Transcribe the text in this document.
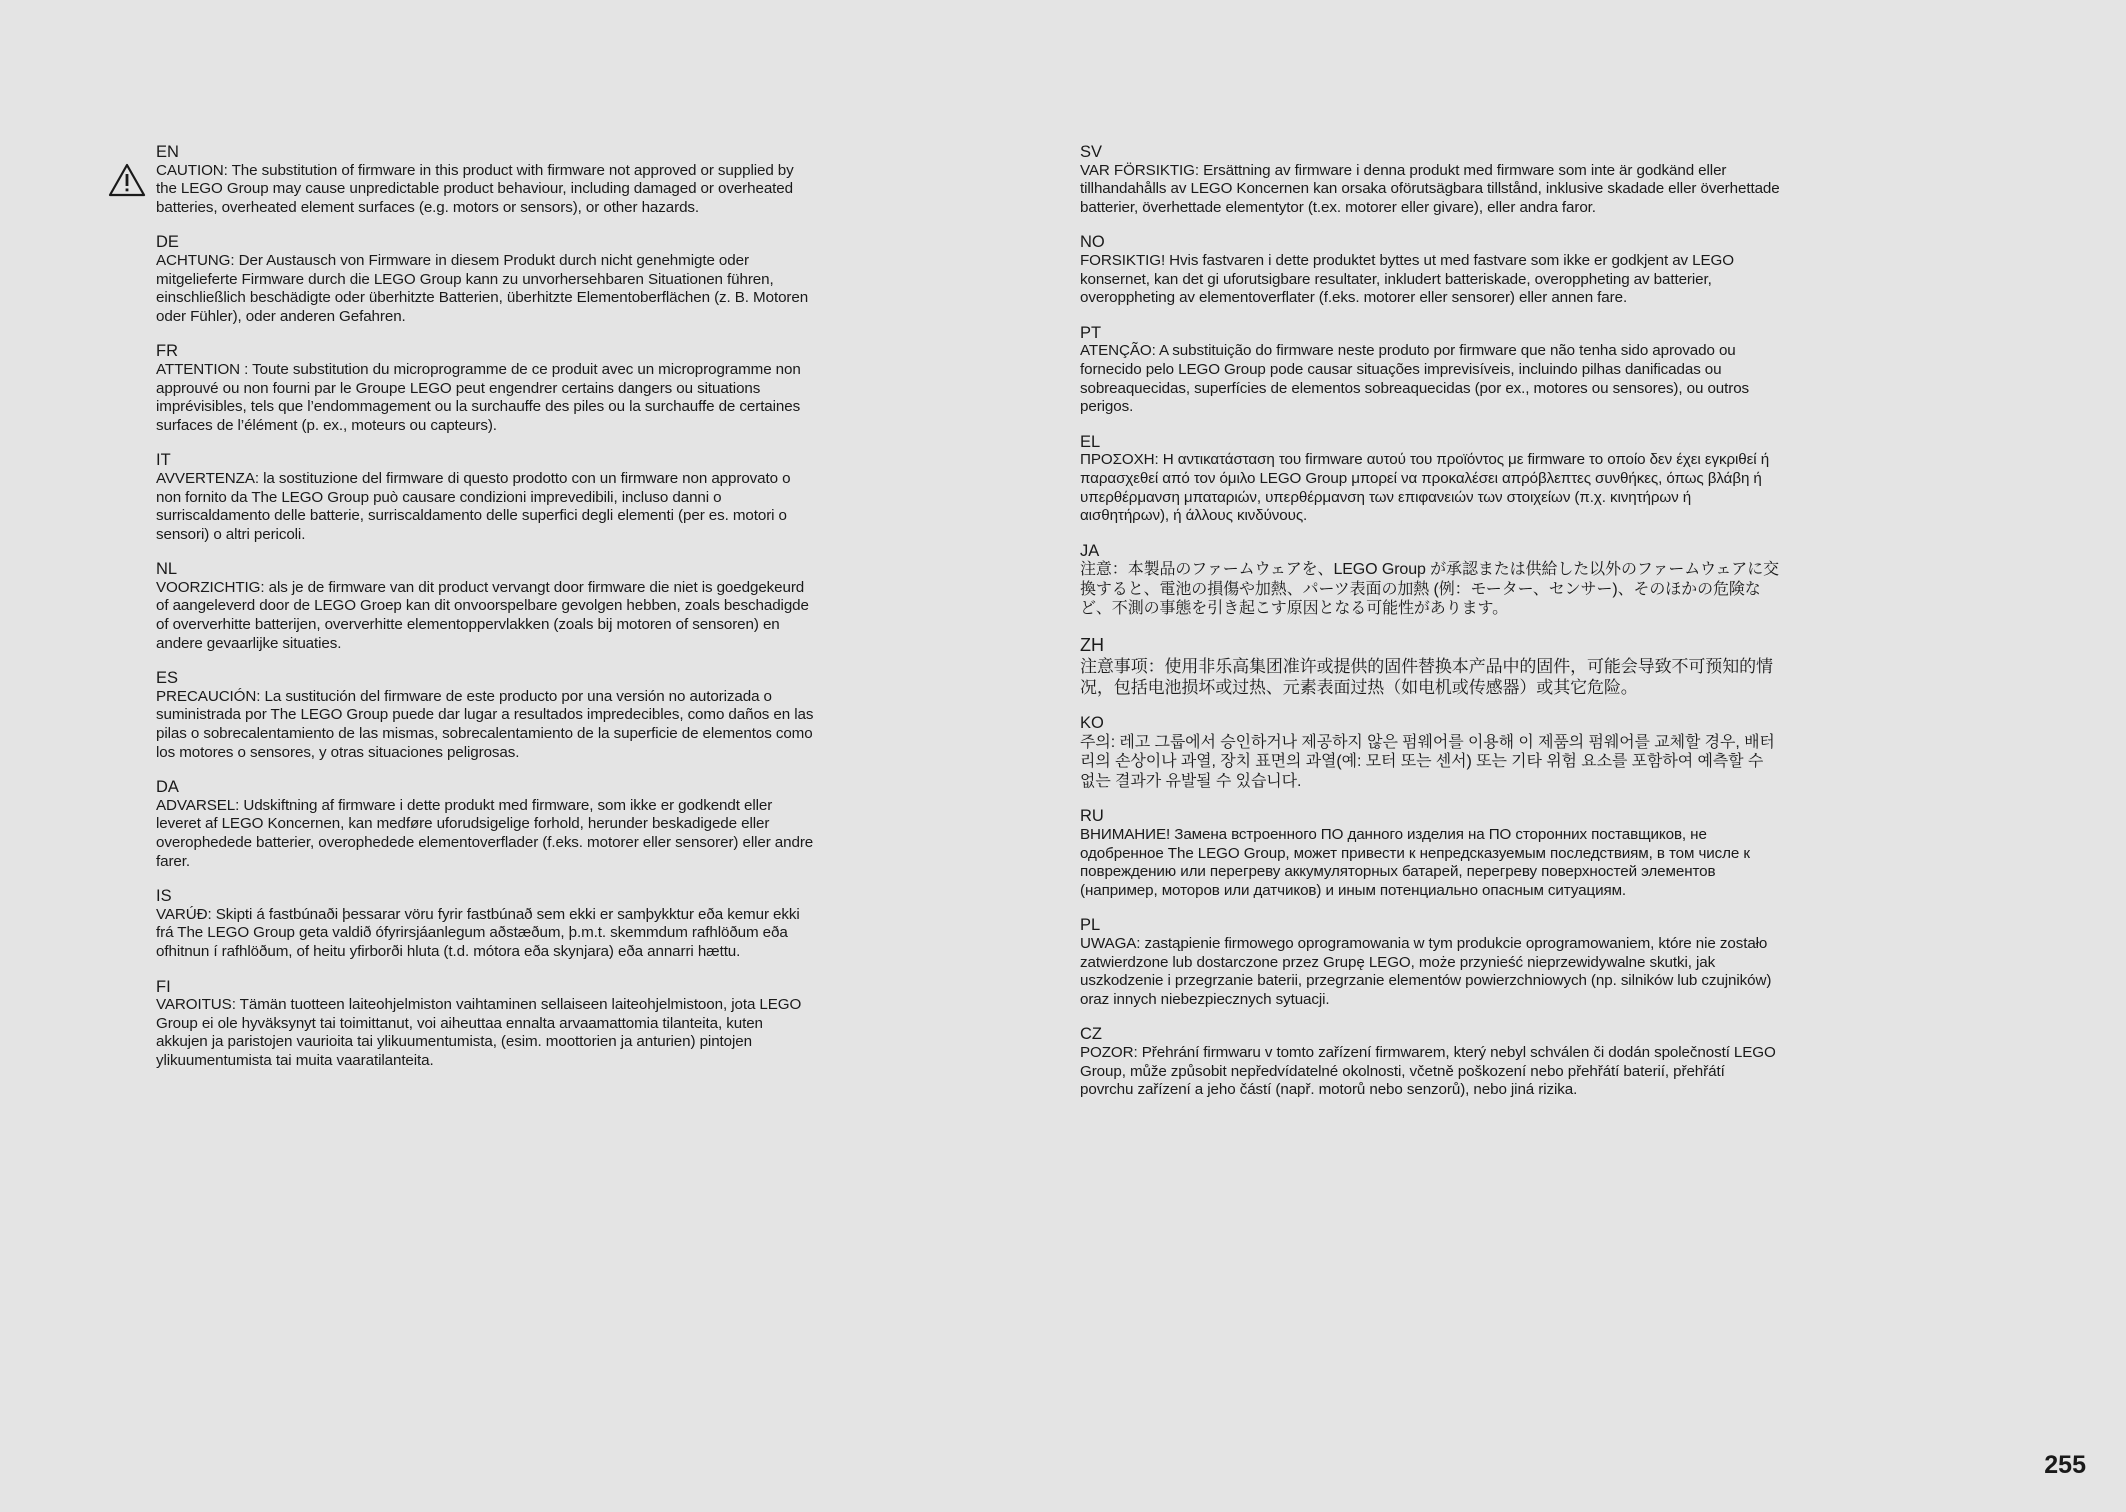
EN

CAUTION: The substitution of firmware in this product with firmware not approved or supplied by the LEGO Group may cause unpredictable product behaviour, including damaged or overheated batteries, overheated element surfaces (e.g. motors or sensors), or other hazards.

DE

ACHTUNG: Der Austausch von Firmware in diesem Produkt durch nicht genehmigte oder mitgelieferte Firmware durch die LEGO Group kann zu unvorhersehbaren Situationen führen, einschließlich beschädigte oder überhitzte Batterien, überhitzte Elementoberflächen (z. B. Motoren oder Fühler), oder anderen Gefahren.

FR

ATTENTION : Toute substitution du microprogramme de ce produit avec un microprogramme non approuvé ou non fourni par le Groupe LEGO peut engendrer certains dangers ou situations imprévisibles, tels que l’endommagement ou la surchauffe des piles ou la surchauffe de certaines surfaces de l’élément (p. ex., moteurs ou capteurs).

IT

AVVERTENZA: la sostituzione del firmware di questo prodotto con un firmware non approvato o non fornito da The LEGO Group può causare condizioni imprevedibili, incluso danni o surriscaldamento delle batterie, surriscaldamento delle superfici degli elementi (per es. motori o sensori) o altri pericoli.

NL

VOORZICHTIG: als je de firmware van dit product vervangt door firmware die niet is goedgekeurd of aangeleverd door de LEGO Groep kan dit onvoorspelbare gevolgen hebben, zoals beschadigde of oververhitte batterijen, oververhitte elementoppervlakken (zoals bij motoren of sensoren) en andere gevaarlijke situaties.

ES

PRECAUCIÓN: La sustitución del firmware de este producto por una versión no autorizada o suministrada por The LEGO Group puede dar lugar a resultados impredecibles, como daños en las pilas o sobrecalentamiento de las mismas, sobrecalentamiento de la superficie de elementos como los motores o sensores, y otras situaciones peligrosas.

DA

ADVARSEL: Udskiftning af firmware i dette produkt med firmware, som ikke er godkendt eller leveret af LEGO Koncernen, kan medføre uforudsigelige forhold, herunder beskadigede eller overophedede batterier, overophedede elementoverflader (f.eks. motorer eller sensorer) eller andre farer.

IS

VARÚÐ: Skipti á fastbúnaði þessarar vöru fyrir fastbúnað sem ekki er samþykktur eða kemur ekki frá The LEGO Group geta valdið ófyrirsjáanlegum aðstæðum, þ.m.t. skemmdum rafhlöðum eða ofhitnun í rafhlöðum, of heitu yfirborði hluta (t.d. mótora eða skynjara) eða annarri hættu.

FI

VAROITUS: Tämän tuotteen laiteohjelmiston vaihtaminen sellaiseen laiteohjelmistoon, jota LEGO Group ei ole hyväksynyt tai toimittanut, voi aiheuttaa ennalta arvaamattomia tilanteita, kuten akkujen ja paristojen vaurioita tai ylikuumentumista, (esim. moottorien ja anturien) pintojen ylikuumentumista tai muita vaaratilanteita.

SV

VAR FÖRSIKTIG: Ersättning av firmware i denna produkt med firmware som inte är godkänd eller tillhandahålls av LEGO Koncernen kan orsaka oförutsägbara tillstånd, inklusive skadade eller överhettade batterier, överhettade elementytor (t.ex. motorer eller givare), eller andra faror.

NO

FORSIKTIG! Hvis fastvaren i dette produktet byttes ut med fastvare som ikke er godkjent av LEGO konsernet, kan det gi uforutsigbare resultater, inkludert batteriskade, overoppheting av batterier, overoppheting av elementoverflater (f.eks. motorer eller sensorer) eller annen fare.

PT

ATENÇÃO: A substituição do firmware neste produto por firmware que não tenha sido aprovado ou fornecido pelo LEGO Group pode causar situações imprevisíveis, incluindo pilhas danificadas ou sobreaquecidas, superfícies de elementos sobreaquecidas (por ex., motores ou sensores), ou outros perigos.

EL

ΠΡΟΣΟΧΗ: Η αντικατάσταση του firmware αυτού του προϊόντος με firmware το οποίο δεν έχει εγκριθεί ή παρασχεθεί από τον όμιλο LEGO Group μπορεί να προκαλέσει απρόβλεπτες συνθήκες, όπως βλάβη ή υπερθέρμανση μπαταριών, υπερθέρμανση των επιφανειών των στοιχείων (π.χ. κινητήρων ή αισθητήρων), ή άλλους κινδύνους.

JA

注意：本製品のファームウェアを、LEGO Group が承認または供給した以外のファームウェアに交換すると、電池の損傷や加熱、パーツ表面の加熱 (例：モーター、センサー)、そのほかの危険など、不測の事態を引き起こす原因となる可能性があります。

ZH

注意事项：使用非乐高集团准许或提供的固件替换本产品中的固件，可能会导致不可预知的情况，包括电池损坏或过热、元素表面过热（如电机或传感器）或其它危险。

KO

주의: 레고 그룹에서 승인하거나 제공하지 않은 펌웨어를 이용해 이 제품의 펌웨어를 교체할 경우, 배터리의 손상이나 과열, 장치 표면의 과열(예: 모터 또는 센서) 또는 기타 위험 요소를 포함하여 예측할 수 없는 결과가 유발될 수 있습니다.

RU

ВНИМАНИЕ! Замена встроенного ПО данного изделия на ПО сторонних поставщиков, не одобренное The LEGO Group, может привести к непредсказуемым последствиям, в том числе к повреждению или перегреву аккумуляторных батарей, перегреву поверхностей элементов (например, моторов или датчиков) и иным потенциально опасным ситуациям.

PL

UWAGA: zastąpienie firmowego oprogramowania w tym produkcie oprogramowaniem, które nie zostało zatwierdzone lub dostarczone przez Grupę LEGO, może przynieść nieprzewidywalne skutki, jak uszkodzenie i przegrzanie baterii, przegrzanie elementów powierzchniowych (np. silników lub czujników) oraz innych niebezpiecznych sytuacji.

CZ

POZOR: Přehrání firmwaru v tomto zařízení firmwarem, který nebyl schválen či dodán společností LEGO Group, může způsobit nepředvídatelné okolnosti, včetně poškození nebo přehřátí baterií, přehřátí povrchu zařízení a jeho částí (např. motorů nebo senzorů), nebo jiná rizika.

255
